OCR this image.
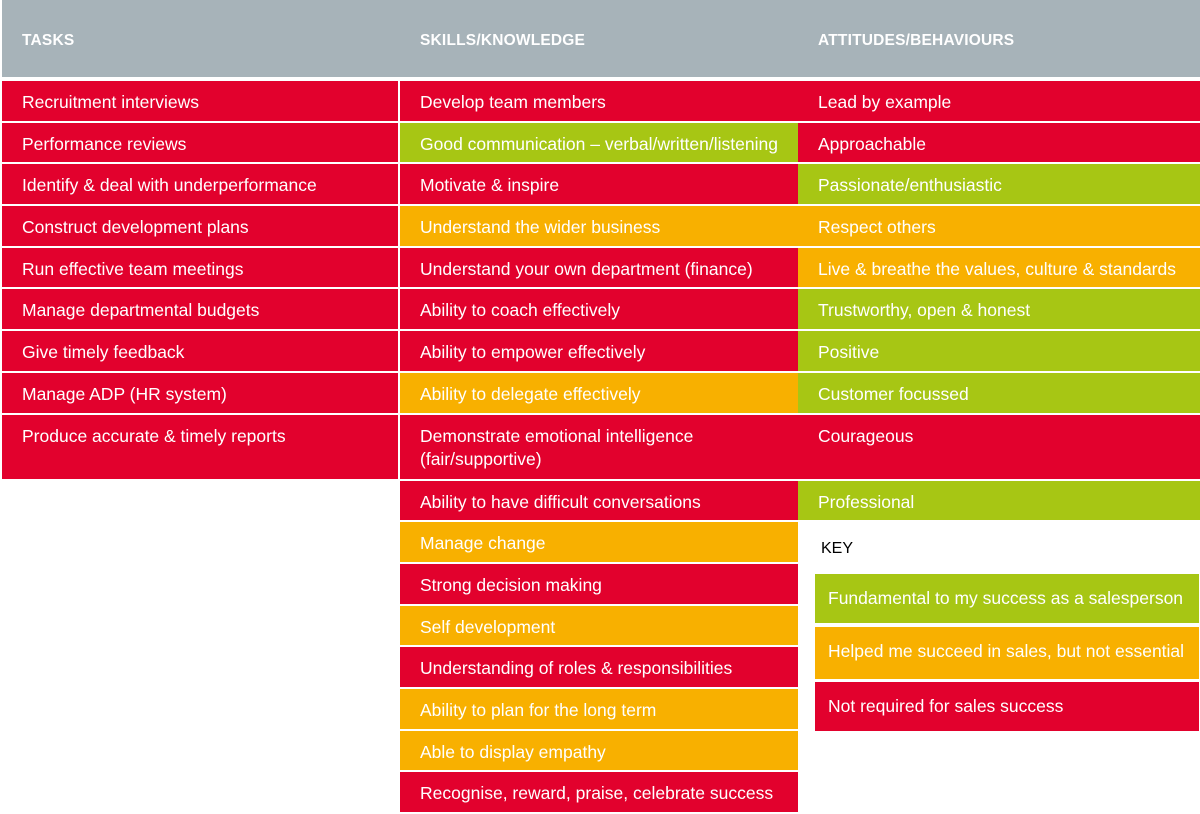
TASKS	SKILLS/KNOWLEDGE	ATTITUDES/BEHAVIOURS
Recruitment interviews
Performance reviews
Identify & deal with underperformance
Construct development plans
Run effective team meetings
Manage departmental budgets
Give timely feedback
Manage ADP (HR system)
Produce accurate & timely reports
Develop team members
Good communication – verbal/written/listening
Motivate & inspire
Understand the wider business
Understand your own department (finance)
Ability to coach effectively
Ability to empower effectively
Ability to delegate effectively
Demonstrate emotional intelligence (fair/supportive)
Ability to have difficult conversations
Manage change
Strong decision making
Self development
Understanding of roles & responsibilities
Ability to plan for the long term
Able to display empathy
Recognise, reward, praise, celebrate success
Lead by example
Approachable
Passionate/enthusiastic
Respect others
Live & breathe the values, culture & standards
Trustworthy, open & honest
Positive
Customer focussed
Courageous
Professional
KEY
Fundamental to my success as a salesperson
Helped me succeed in sales, but not essential
Not required for sales success
